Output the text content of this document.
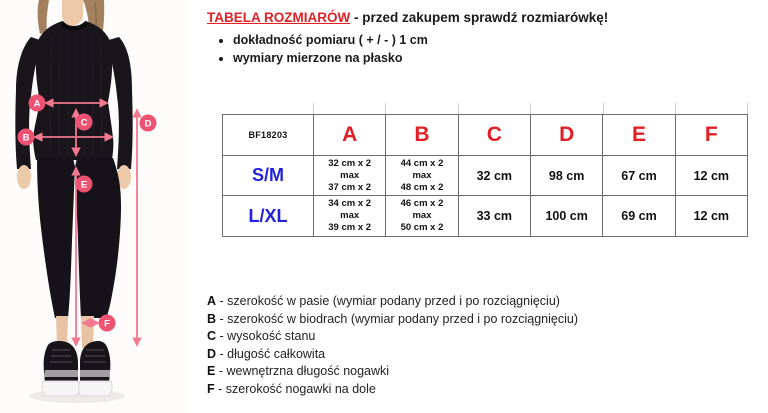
A
B
C	D
E
F
TABELA ROZMIARÓW - przed zakupem sprawdź rozmiarówkę!
• dokładność pomiaru ( + / - ) 1 cm
• wymiary mierzone na płasko
BF18203	A	B	C	D	E	F
S/M	32 cm x 2
max
37 cm x 2	44 cm x 2
max
48 cm x 2	32 cm	98 cm	67 cm	12 cm
L/XL	34 cm x 2
max
39 cm x 2	46 cm x 2
max
50 cm x 2	33 cm	100 cm	69 cm	12 cm
A - szerokość w pasie (wymiar podany przed i po rozciągnięciu)
B - szerokość w biodrach (wymiar podany przed i po rozciągnięciu)
C - wysokość stanu
D - długość całkowita
E - wewnętrzna długość nogawki
F - szerokość nogawki na dole
